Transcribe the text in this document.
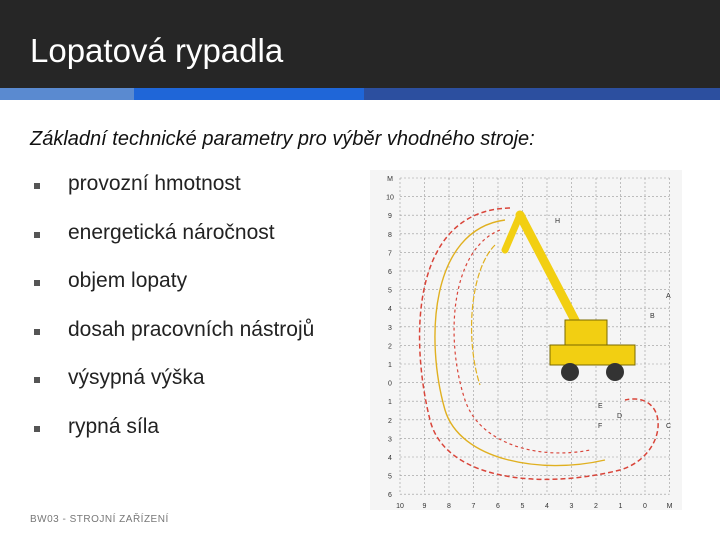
Lopatová rypadla
Základní technické parametry pro výběr vhodného stroje:
provozní hmotnost
energetická náročnost
objem lopaty
dosah pracovních nástrojů
výsypná výška
rypná síla
BW03 - STROJNÍ ZAŘÍZENÍ
M
10
9
8
7
6
5
4
3
2
1
0
1
2
3
4
5
6
10	9	8	7	6	5	4	3	2	1	0	M
H
A
B
C
D
E
F
